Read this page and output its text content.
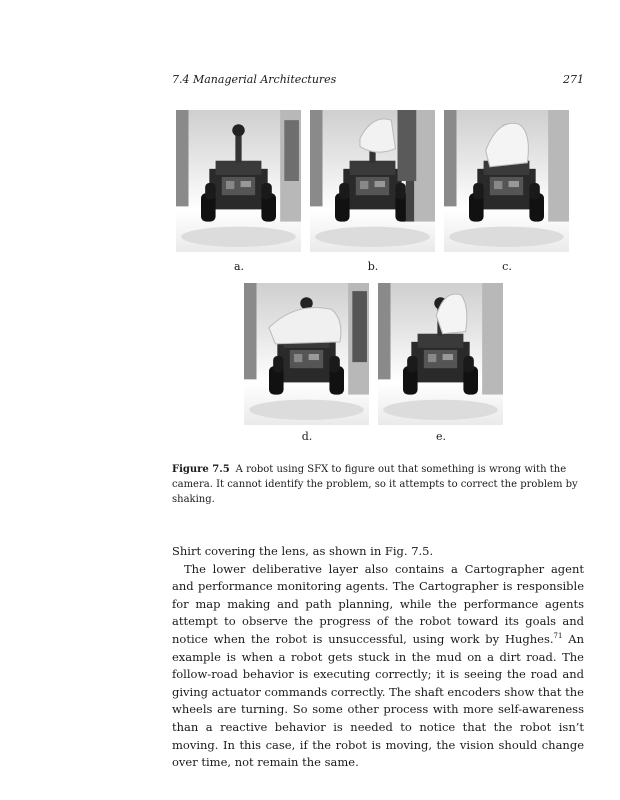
7.4 Managerial Architectures	271
a.	b.	c.
d.	e.
Figure 7.5 A robot using SFX to figure out that something is wrong with the camera. It cannot identify the problem, so it attempts to correct the problem by shaking.

Shirt covering the lens, as shown in Fig. 7.5.

The lower deliberative layer also contains a Cartographer agent and performance monitoring agents. The Cartographer is responsible for map making and path planning, while the performance agents attempt to observe the progress of the robot toward its goals and notice when the robot is unsuccessful, using work by Hughes.$^{71}$ An example is when a robot gets stuck in the mud on a dirt road. The follow-road behavior is executing correctly; it is seeing the road and giving actuator commands correctly. The shaft encoders show that the wheels are turning. So some other process with more self-awareness than a reactive behavior is needed to notice that the robot isn’t moving. In this case, if the robot is moving, the vision should change over time, not remain the same.
